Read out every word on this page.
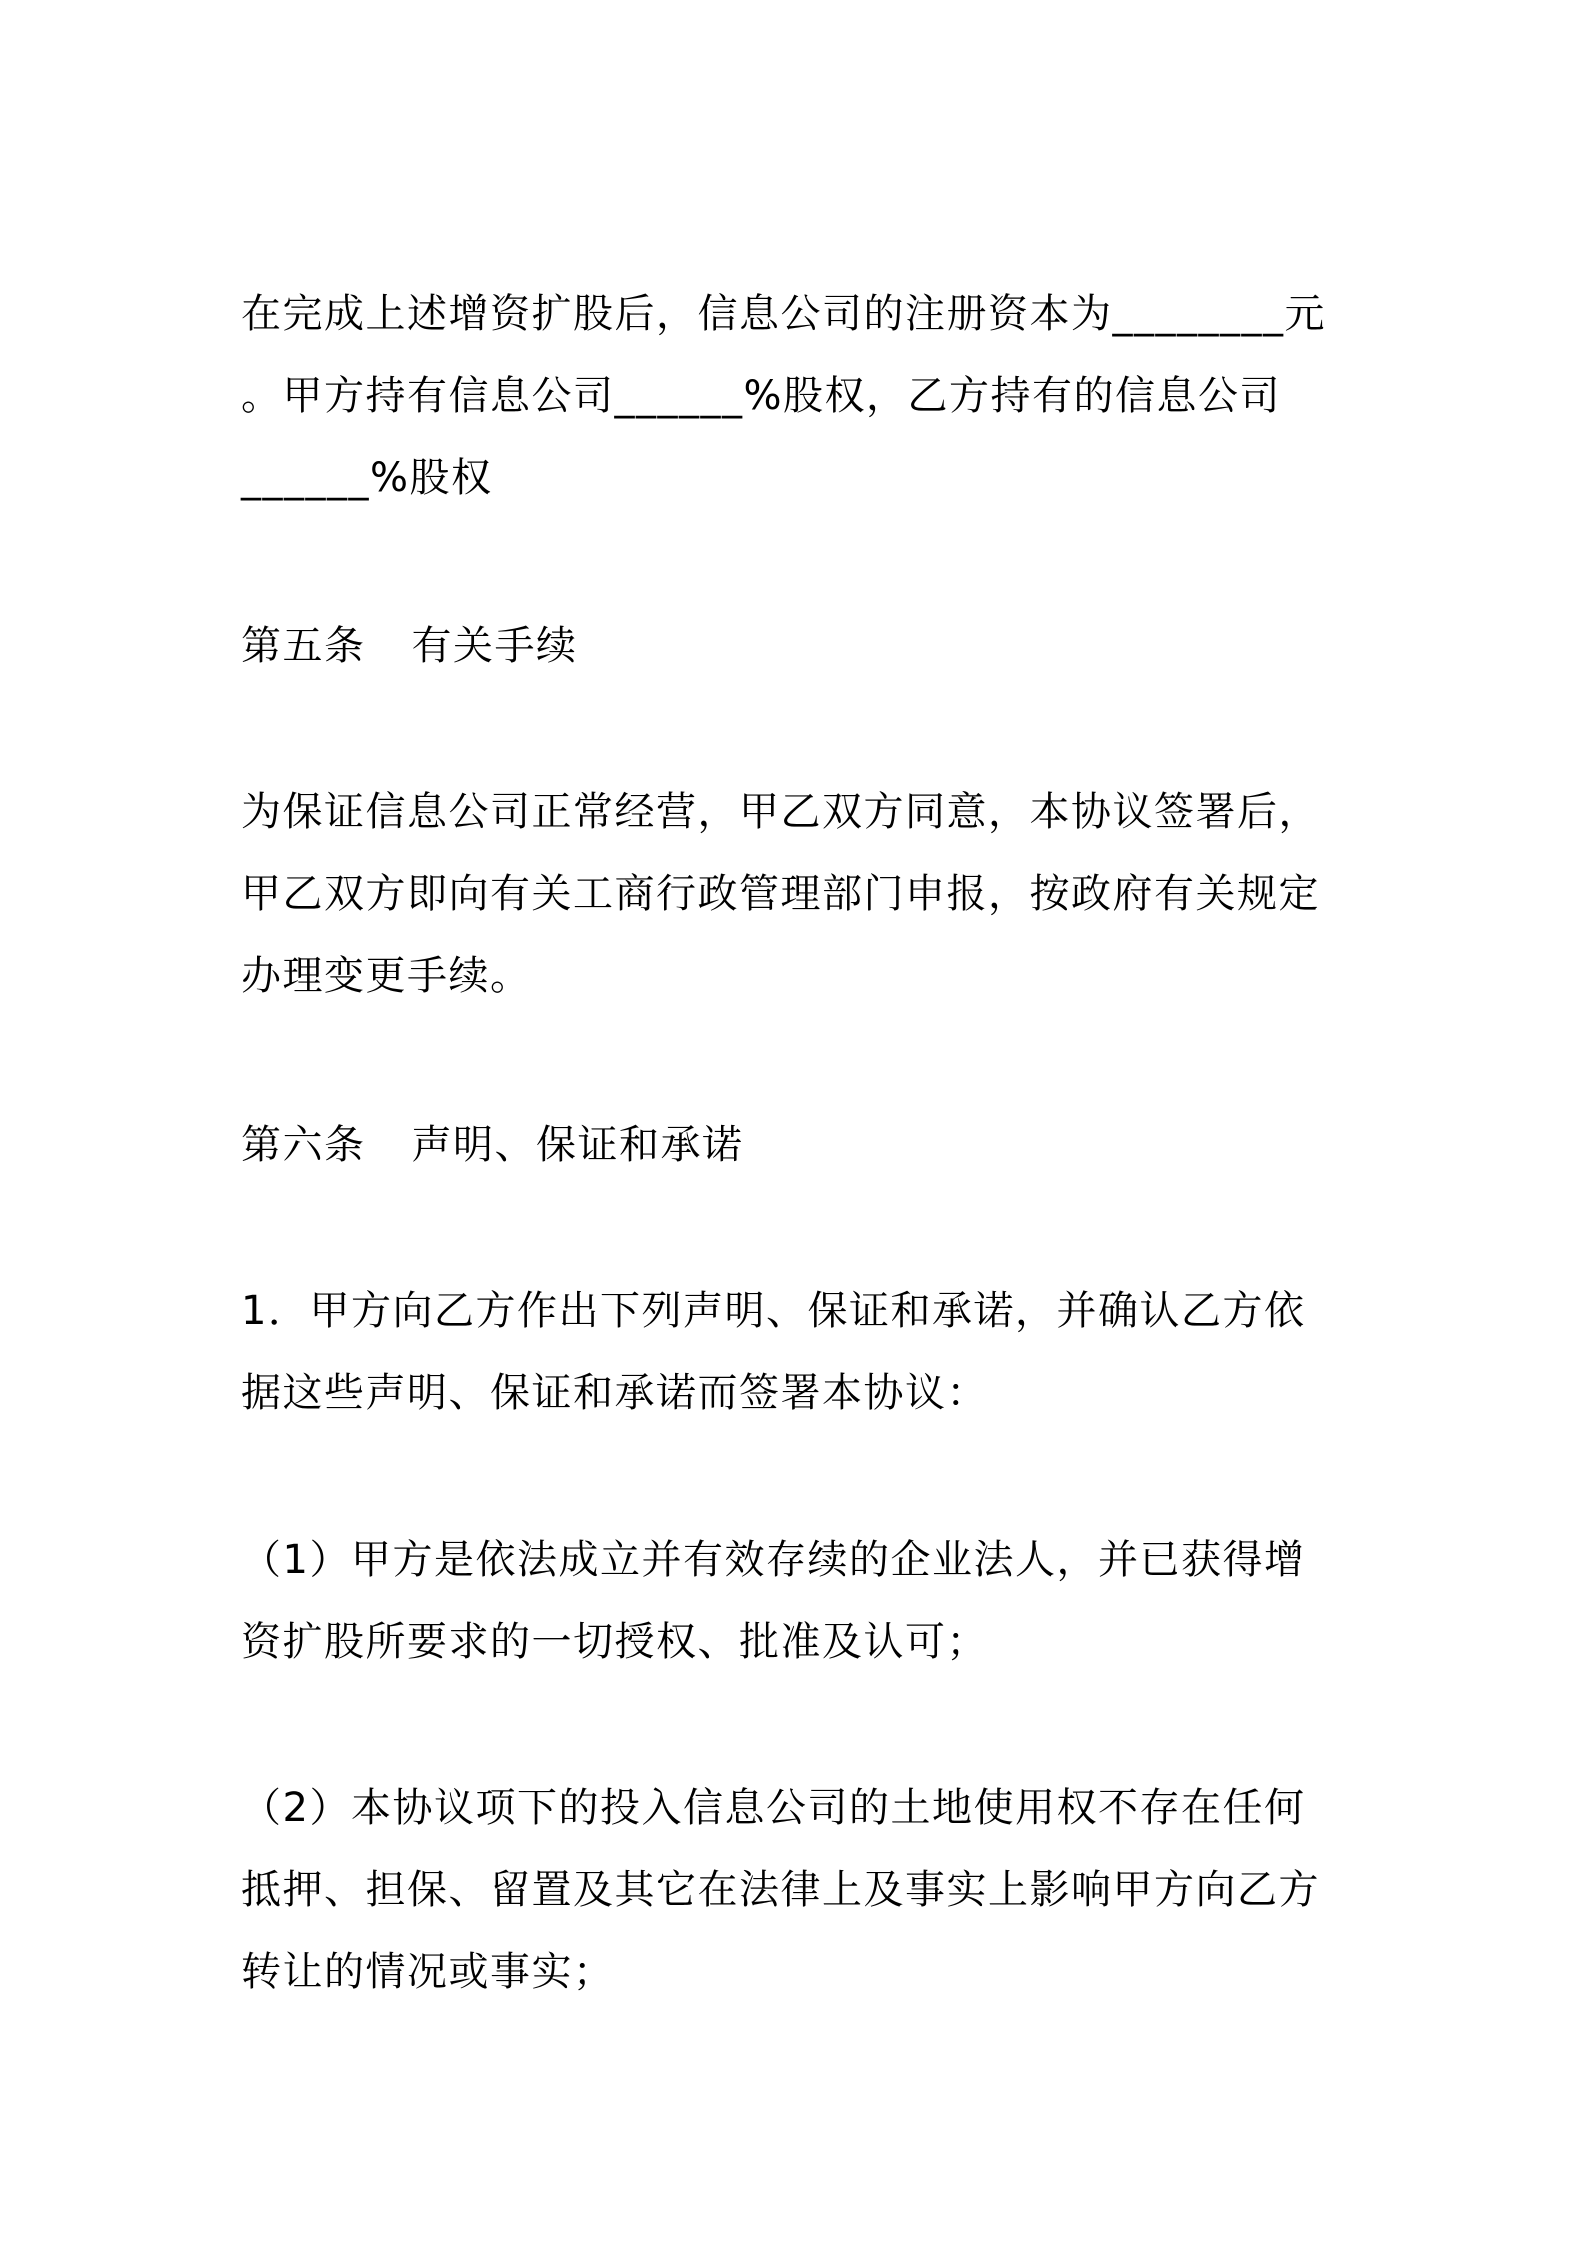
在完成上述增资扩股后，信息公司的注册资本为________元
。甲方持有信息公司______%股权，乙方持有的信息公司
______%股权
第五条 有关手续
为保证信息公司正常经营，甲乙双方同意，本协议签署后，
甲乙双方即向有关工商行政管理部门申报，按政府有关规定
办理变更手续。
第六条 声明、保证和承诺
1．甲方向乙方作出下列声明、保证和承诺，并确认乙方依
据这些声明、保证和承诺而签署本协议：
（1）甲方是依法成立并有效存续的企业法人，并已获得增
资扩股所要求的一切授权、批准及认可；
（2）本协议项下的投入信息公司的土地使用权不存在任何
抵押、担保、留置及其它在法律上及事实上影响甲方向乙方
转让的情况或事实；
